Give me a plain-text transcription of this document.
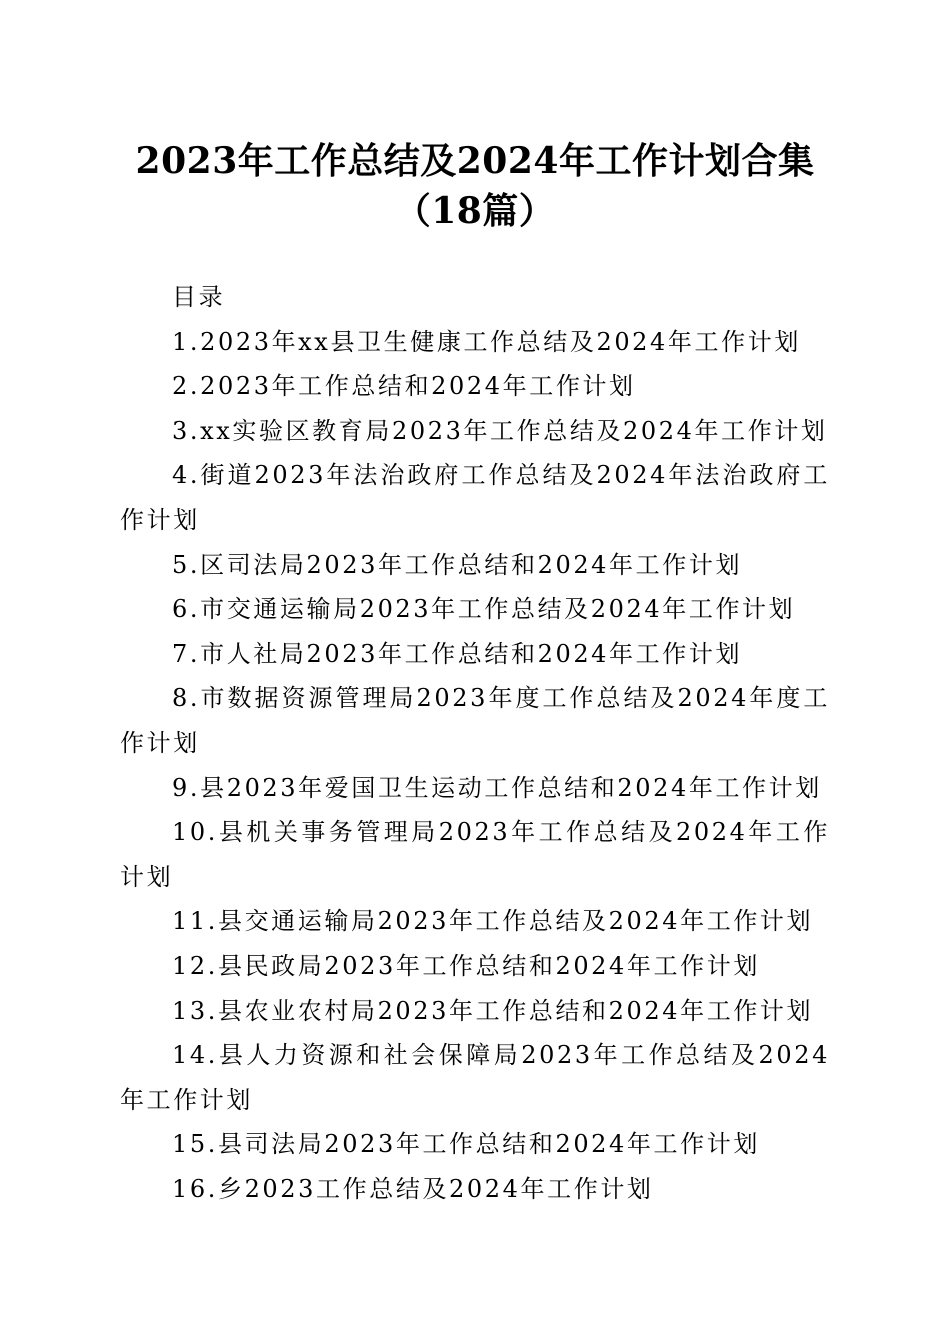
2023年工作总结及2024年工作计划合集（18篇）

目录

1.2023年xx县卫生健康工作总结及2024年工作计划
2.2023年工作总结和2024年工作计划
3.xx实验区教育局2023年工作总结及2024年工作计划
4.街道2023年法治政府工作总结及2024年法治政府工作计划
5.区司法局2023年工作总结和2024年工作计划
6.市交通运输局2023年工作总结及2024年工作计划
7.市人社局2023年工作总结和2024年工作计划
8.市数据资源管理局2023年度工作总结及2024年度工作计划
9.县2023年爱国卫生运动工作总结和2024年工作计划
10.县机关事务管理局2023年工作总结及2024年工作计划
11.县交通运输局2023年工作总结及2024年工作计划
12.县民政局2023年工作总结和2024年工作计划
13.县农业农村局2023年工作总结和2024年工作计划
14.县人力资源和社会保障局2023年工作总结及2024年工作计划
15.县司法局2023年工作总结和2024年工作计划
16.乡2023工作总结及2024年工作计划
